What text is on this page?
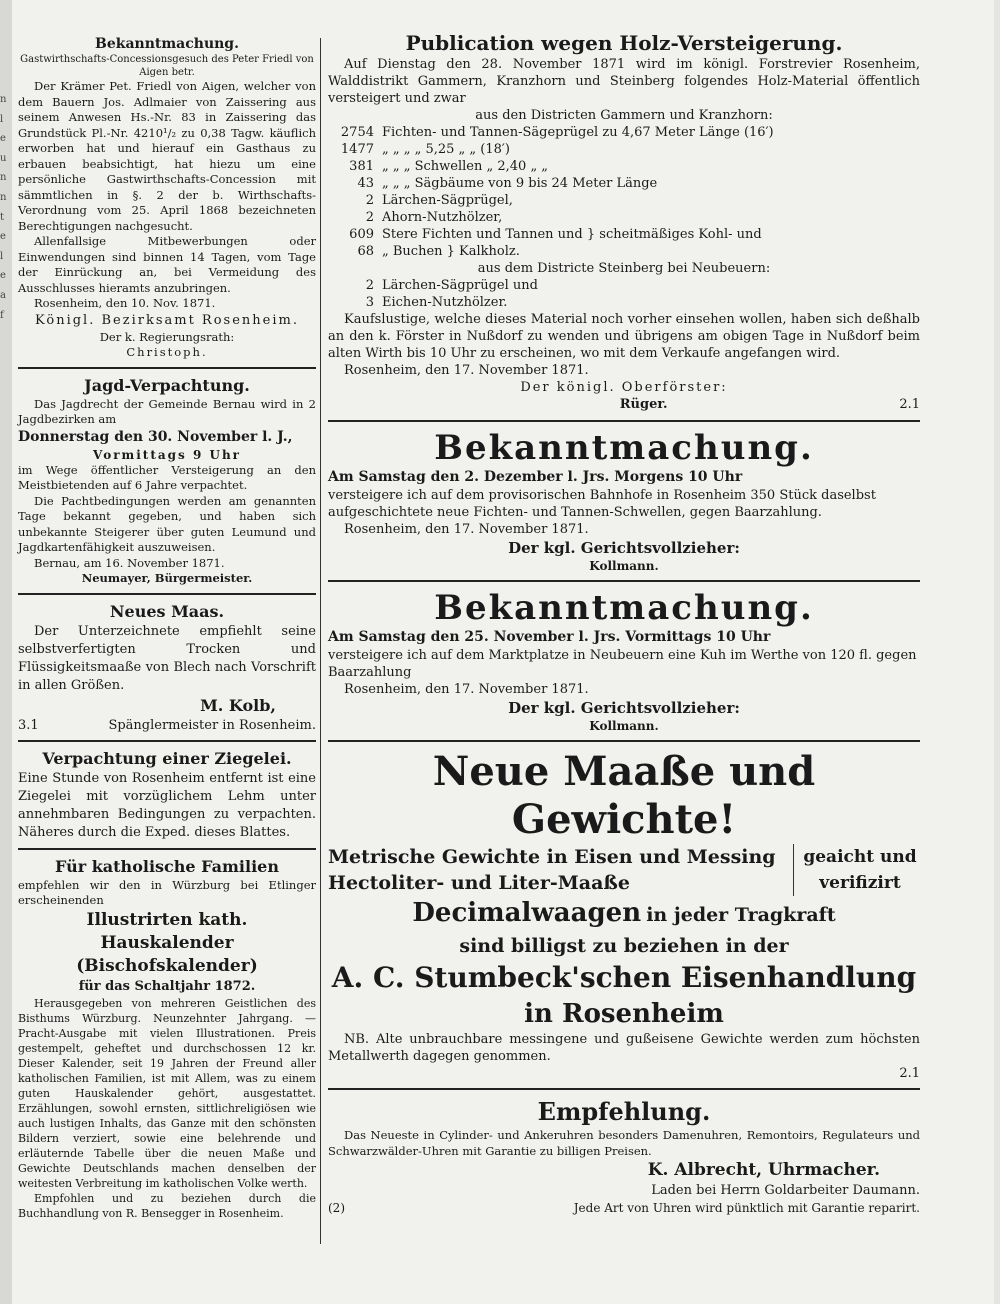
n
l
e
u
n
n
t
e
l
e
a
f

Bekanntmachung.

Gastwirthschafts-Concessionsgesuch des Peter Friedl von Aigen betr.

Der Krämer Pet. Friedl von Aigen, welcher von dem Bauern Jos. Adlmaier von Zaissering aus seinem Anwesen Hs.-Nr. 83 in Zaissering das Grundstück Pl.-Nr. 4210¹/₂ zu 0,38 Tagw. käuflich erworben hat und hierauf ein Gasthaus zu erbauen beabsichtigt, hat hiezu um eine persönliche Gastwirthschafts-Concession mit sämmtlichen in §. 2 der b. Wirthschafts-Verordnung vom 25. April 1868 bezeichneten Berechtigungen nachgesucht.

Allenfallsige Mitbewerbungen oder Einwendungen sind binnen 14 Tagen, vom Tage der Einrückung an, bei Vermeidung des Ausschlusses hieramts anzubringen.

Rosenheim, den 10. Nov. 1871.

Königl. Bezirksamt Rosenheim.

Der k. Regierungsrath:

Christoph.

Jagd-Verpachtung.

Das Jagdrecht der Gemeinde Bernau wird in 2 Jagdbezirken am

Donnerstag den 30. November l. J.,

Vormittags 9 Uhr

im Wege öffentlicher Versteigerung an den Meistbietenden auf 6 Jahre verpachtet.

Die Pachtbedingungen werden am genannten Tage bekannt gegeben, und haben sich unbekannte Steigerer über guten Leumund und Jagdkartenfähigkeit auszuweisen.

Bernau, am 16. November 1871.

Neumayer, Bürgermeister.

Neues Maas.

Der Unterzeichnete empfiehlt seine selbstverfertigten Trocken und Flüssigkeitsmaaße von Blech nach Vorschrift in allen Größen.

M. Kolb,

3.1	Spänglermeister in Rosenheim.

Verpachtung einer Ziegelei.

Eine Stunde von Rosenheim entfernt ist eine Ziegelei mit vorzüglichem Lehm unter annehmbaren Bedingungen zu verpachten. Näheres durch die Exped. dieses Blattes.

Für katholische Familien

empfehlen wir den in Würzburg bei Etlinger erscheinenden

Illustrirten kath. Hauskalender (Bischofskalender)

für das Schaltjahr 1872.

Herausgegeben von mehreren Geistlichen des Bisthums Würzburg. Neunzehnter Jahrgang. — Pracht-Ausgabe mit vielen Illustrationen. Preis gestempelt, geheftet und durchschossen 12 kr. Dieser Kalender, seit 19 Jahren der Freund aller katholischen Familien, ist mit Allem, was zu einem guten Hauskalender gehört, ausgestattet. Erzählungen, sowohl ernsten, sittlichreligiösen wie auch lustigen Inhalts, das Ganze mit den schönsten Bildern verziert, sowie eine belehrende und erläuternde Tabelle über die neuen Maße und Gewichte Deutschlands machen denselben der weitesten Verbreitung im katholischen Volke werth.

Empfohlen und zu beziehen durch die Buchhandlung von R. Bensegger in Rosenheim.

Publication wegen Holz-Versteigerung.

Auf Dienstag den 28. November 1871 wird im königl. Forstrevier Rosenheim, Walddistrikt Gammern, Kranzhorn und Steinberg folgendes Holz-Material öffentlich versteigert und zwar

aus den Districten Gammern und Kranzhorn:

2754 Fichten- und Tannen-Sägeprügel zu 4,67 Meter Länge (16′)
1477 „ „ „ „ 5,25 „ „ (18′)
381 „ „ „ Schwellen „ 2,40 „ „
43 „ „ „ Sägbäume von 9 bis 24 Meter Länge
2 Lärchen-Sägprügel,
2 Ahorn-Nutzhölzer,
609 Stere Fichten und Tannen und } scheitmäßiges Kohl- und
68 „ Buchen } Kalkholz.

aus dem Districte Steinberg bei Neubeuern:

2 Lärchen-Sägprügel und
3 Eichen-Nutzhölzer.

Kaufslustige, welche dieses Material noch vorher einsehen wollen, haben sich deßhalb an den k. Förster in Nußdorf zu wenden und übrigens am obigen Tage in Nußdorf beim alten Wirth bis 10 Uhr zu erscheinen, wo mit dem Verkaufe angefangen wird.

Rosenheim, den 17. November 1871.

Der königl. Oberförster:

Rüger.	2.1

Bekanntmachung.

Am Samstag den 2. Dezember l. Jrs. Morgens 10 Uhr

versteigere ich auf dem provisorischen Bahnhofe in Rosenheim 350 Stück daselbst aufgeschichtete neue Fichten- und Tannen-Schwellen, gegen Baarzahlung.

Rosenheim, den 17. November 1871.

Der kgl. Gerichtsvollzieher:

Kollmann.

Bekanntmachung.

Am Samstag den 25. November l. Jrs. Vormittags 10 Uhr

versteigere ich auf dem Marktplatze in Neubeuern eine Kuh im Werthe von 120 fl. gegen Baarzahlung

Rosenheim, den 17. November 1871.

Der kgl. Gerichtsvollzieher:

Kollmann.

Neue Maaße und Gewichte!

Metrische Gewichte in Eisen und Messing

Hectoliter- und Liter-Maaße

geaicht und

verifizirt

Decimalwaagen in jeder Tragkraft

sind billigst zu beziehen in der

A. C. Stumbeck'schen Eisenhandlung

in Rosenheim

NB. Alte unbrauchbare messingene und gußeisene Gewichte werden zum höchsten Metallwerth dagegen genommen.

2.1

Empfehlung.

Das Neueste in Cylinder- und Ankeruhren besonders Damenuhren, Remontoirs, Regulateurs und Schwarzwälder-Uhren mit Garantie zu billigen Preisen.

K. Albrecht, Uhrmacher.

Laden bei Herrn Goldarbeiter Daumann.

(2)	Jede Art von Uhren wird pünktlich mit Garantie reparirt.
